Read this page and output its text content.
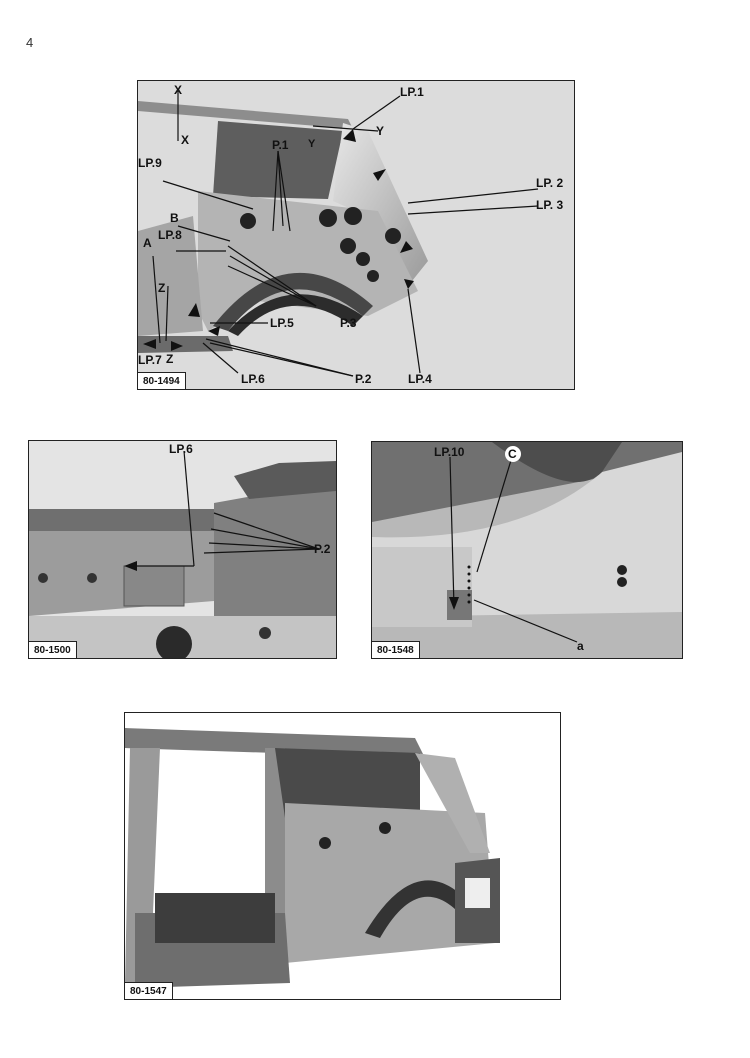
4
X
X
LP.1
Y
Y
P.1
LP.9
LP. 2
LP. 3
B
LP.8
A
Z
LP.5	P.3
LP.7 Z
LP.6	P.2	LP.4
80-1494
LP.6
P.2
80-1500
LP.10	C
a
80-1548
80-1547
